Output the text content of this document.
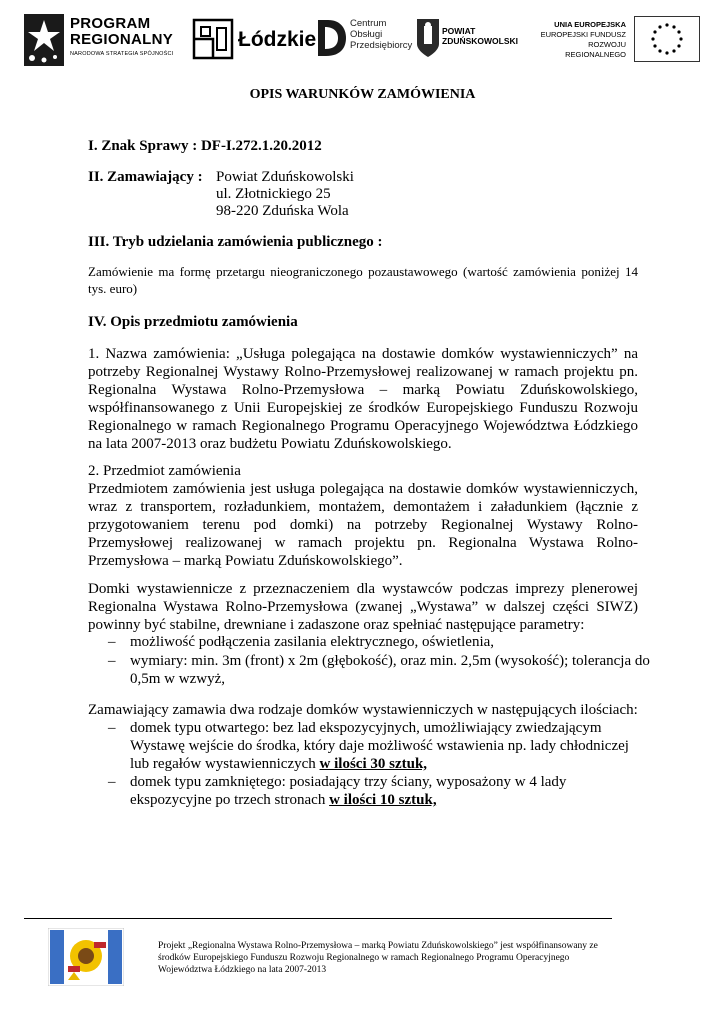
PROGRAM
REGIONALNY
NARODOWA STRATEGIA SPÓJNOŚCI
Łódzkie
Centrum
Obsługi
Przedsiębiorcy
POWIAT
ZDUŃSKOWOLSKI
UNIA EUROPEJSKA
EUROPEJSKI FUNDUSZ
ROZWOJU REGIONALNEGO
OPIS WARUNKÓW ZAMÓWIENIA
I. Znak Sprawy : DF-I.272.1.20.2012
II. Zamawiający : Powiat Zduńskowolski
ul. Złotnickiego 25
98-220 Zduńska Wola
III. Tryb udzielania zamówienia publicznego :
Zamówienie ma formę przetargu nieograniczonego pozaustawowego (wartość zamówienia poniżej 14 tys. euro)
IV. Opis przedmiotu zamówienia
1. Nazwa zamówienia: „Usługa polegająca na dostawie domków wystawienniczych” na potrzeby Regionalnej Wystawy Rolno-Przemysłowej realizowanej w ramach projektu pn. Regionalna Wystawa Rolno-Przemysłowa – marką Powiatu Zduńskowolskiego, współfinansowanego z Unii Europejskiej ze środków Europejskiego Funduszu Rozwoju Regionalnego w ramach Regionalnego Programu Operacyjnego Województwa Łódzkiego na lata 2007-2013 oraz budżetu Powiatu Zduńskowolskiego.
2. Przedmiot zamówienia
Przedmiotem zamówienia jest usługa polegająca na dostawie domków wystawienniczych, wraz z transportem, rozładunkiem, montażem, demontażem i załadunkiem (łącznie z przygotowaniem terenu pod domki) na potrzeby Regionalnej Wystawy Rolno-Przemysłowej realizowanej w ramach projektu pn. Regionalna Wystawa Rolno-Przemysłowa – marką Powiatu Zduńskowolskiego”.
Domki wystawiennicze z przeznaczeniem dla wystawców podczas imprezy plenerowej Regionalna Wystawa Rolno-Przemysłowa (zwanej „Wystawa” w dalszej części SIWZ) powinny być stabilne, drewniane i zadaszone oraz spełniać następujące parametry:
– możliwość podłączenia zasilania elektrycznego, oświetlenia,
– wymiary: min. 3m (front) x 2m (głębokość), oraz min. 2,5m (wysokość); tolerancja do
0,5m w wzwyż,
Zamawiający zamawia dwa rodzaje domków wystawienniczych w następujących ilościach:
– domek typu otwartego: bez lad ekspozycyjnych, umożliwiający zwiedzającym
Wystawę wejście do środka, który daje możliwość wstawienia np. lady chłodniczej
lub regałów wystawienniczych w ilości 30 sztuk,
– domek typu zamkniętego: posiadający trzy ściany, wyposażony w 4 lady
ekspozycyjne po trzech stronach w ilości 10 sztuk,
Projekt „Regionalna Wystawa Rolno-Przemysłowa – marką Powiatu Zduńskowolskiego” jest współfinansowany ze
środków Europejskiego Funduszu Rozwoju Regionalnego w ramach Regionalnego Programu Operacyjnego
Województwa Łódzkiego na lata 2007-2013
